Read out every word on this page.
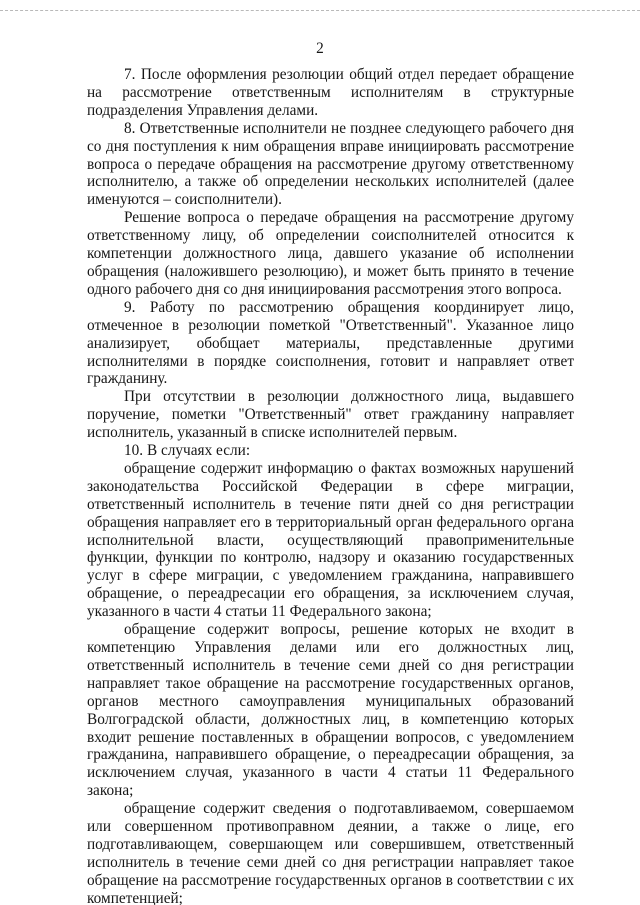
2

7. После оформления резолюции общий отдел передает обращение на рассмотрение ответственным исполнителям в структурные подразделения Управления делами.

8. Ответственные исполнители не позднее следующего рабочего дня со дня поступления к ним обращения вправе инициировать рассмотрение вопроса о передаче обращения на рассмотрение другому ответственному исполнителю, а также об определении нескольких исполнителей (далее именуются – соисполнители).

Решение вопроса о передаче обращения на рассмотрение другому ответственному лицу, об определении соисполнителей относится к компетенции должностного лица, давшего указание об исполнении обращения (наложившего резолюцию), и может быть принято в течение одного рабочего дня со дня инициирования рассмотрения этого вопроса.

9. Работу по рассмотрению обращения координирует лицо, отмеченное в резолюции пометкой "Ответственный". Указанное лицо анализирует, обобщает материалы, представленные другими исполнителями в порядке соисполнения, готовит и направляет ответ гражданину.

При отсутствии в резолюции должностного лица, выдавшего поручение, пометки "Ответственный" ответ гражданину направляет исполнитель, указанный в списке исполнителей первым.

10. В случаях если:

обращение содержит информацию о фактах возможных нарушений законодательства Российской Федерации в сфере миграции, ответственный исполнитель в течение пяти дней со дня регистрации обращения направляет его в территориальный орган федерального органа исполнительной власти, осуществляющий правоприменительные функции, функции по контролю, надзору и оказанию государственных услуг в сфере миграции, с уведомлением гражданина, направившего обращение, о переадресации его обращения, за исключением случая, указанного в части 4 статьи 11 Федерального закона;

обращение содержит вопросы, решение которых не входит в компетенцию Управления делами или его должностных лиц, ответственный исполнитель в течение семи дней со дня регистрации направляет такое обращение на рассмотрение государственных органов, органов местного самоуправления муниципальных образований Волгоградской области, должностных лиц, в компетенцию которых входит решение поставленных в обращении вопросов, с уведомлением гражданина, направившего обращение, о переадресации обращения, за исключением случая, указанного в части 4 статьи 11 Федерального закона;

обращение содержит сведения о подготавливаемом, совершаемом или совершенном противоправном деянии, а также о лице, его подготавливающем, совершающем или совершившем, ответственный исполнитель в течение семи дней со дня регистрации направляет такое обращение на рассмотрение государственных органов в соответствии с их компетенцией;
